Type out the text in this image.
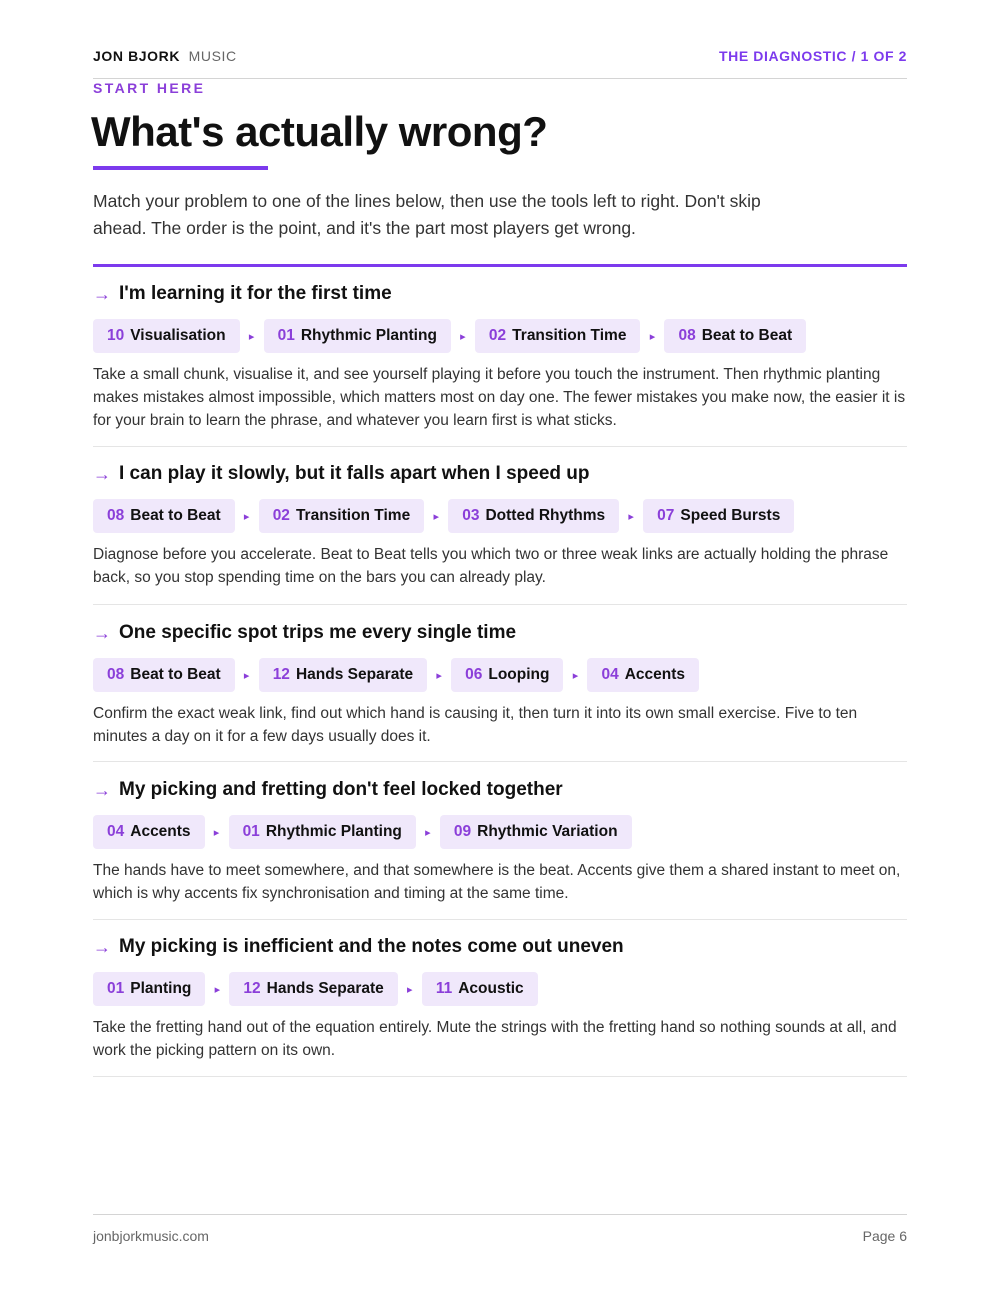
JON BJORK MUSIC	THE DIAGNOSTIC / 1 OF 2
START HERE
What's actually wrong?

Match your problem to one of the lines below, then use the tools left to right. Don't skip ahead. The order is the point, and it's the part most players get wrong.

→ I'm learning it for the first time
10 Visualisation	▸	01 Rhythmic Planting	▸	02 Transition Time	▸	08 Beat to Beat

Take a small chunk, visualise it, and see yourself playing it before you touch the instrument. Then rhythmic planting makes mistakes almost impossible, which matters most on day one. The fewer mistakes you make now, the easier it is for your brain to learn the phrase, and whatever you learn first is what sticks.

→ I can play it slowly, but it falls apart when I speed up
08 Beat to Beat	▸	02 Transition Time	▸	03 Dotted Rhythms	▸	07 Speed Bursts

Diagnose before you accelerate. Beat to Beat tells you which two or three weak links are actually holding the phrase back, so you stop spending time on the bars you can already play.

→ One specific spot trips me every single time
08 Beat to Beat	▸	12 Hands Separate	▸	06 Looping	▸	04 Accents

Confirm the exact weak link, find out which hand is causing it, then turn it into its own small exercise. Five to ten minutes a day on it for a few days usually does it.

→ My picking and fretting don't feel locked together
04 Accents	▸	01 Rhythmic Planting	▸	09 Rhythmic Variation

The hands have to meet somewhere, and that somewhere is the beat. Accents give them a shared instant to meet on, which is why accents fix synchronisation and timing at the same time.

→ My picking is inefficient and the notes come out uneven
01 Planting	▸	12 Hands Separate	▸	11 Acoustic

Take the fretting hand out of the equation entirely. Mute the strings with the fretting hand so nothing sounds at all, and work the picking pattern on its own.

jonbjorkmusic.com	Page 6
